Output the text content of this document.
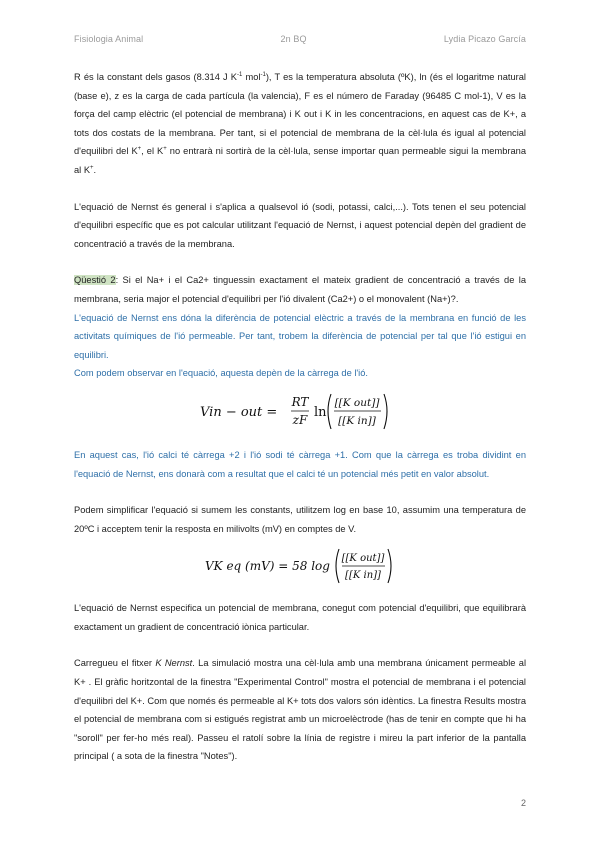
Fisiologia Animal	2n BQ	Lydia Picazo García

R és la constant dels gasos (8.314 J $K^{-1}$ mol$^{-1}$), T es la temperatura absoluta (ºK), ln (és el logaritme natural (base e), z es la carga de cada partícula (la valencia), F es el número de Faraday (96485 C mol-1), V es la força del camp elèctric (el potencial de membrana) i K out i K in les concentracions, en aquest cas de K+, a tots dos costats de la membrana. Per tant, si el potencial de membrana de la cèl·lula és igual al potencial d'equilibri del K+, el K+ no entrarà ni sortirà de la cèl·lula, sense importar quan permeable sigui la membrana al K+.

L'equació de Nernst és general i s'aplica a qualsevol ió (sodi, potassi, calci,...). Tots tenen el seu potencial d'equilibri específic que es pot calcular utilitzant l'equació de Nernst, i aquest potencial depèn del gradient de concentració a través de la membrana.

Qüestió 2: Si el Na+ i el Ca2+ tinguessin exactament el mateix gradient de concentració a través de la membrana, seria major el potencial d'equilibri per l'ió divalent (Ca2+) o el monovalent (Na+)?.

L'equació de Nernst ens dóna la diferència de potencial elèctric a través de la membrana en funció de les activitats químiques de l'ió permeable. Per tant, trobem la diferència de potencial per tal que l'ió estigui en equilibri.

Com podem observar en l'equació, aquesta depèn de la càrrega de l'ió.

Vin − out =
RT
zF ln
[[K out]]
[[K in]]

En aquest cas, l'ió calci té càrrega +2 i l'ió sodi té càrrega +1. Com que la càrrega es troba dividint en l'equació de Nernst, ens donarà com a resultat que el calci té un potencial més petit en valor absolut.

Podem simplificar l'equació si sumem les constants, utilitzem log en base 10, assumim una temperatura de 20ºC i acceptem tenir la resposta en milivolts (mV) en comptes de V.

VK eq (mV) = 58 log
[[K out]]
[[K in]]

L'equació de Nernst especifica un potencial de membrana, conegut com potencial d'equilibri, que equilibrarà exactament un gradient de concentració iònica particular.

Carregueu el fitxer K Nernst. La simulació mostra una cèl·lula amb una membrana únicament permeable al K+ . El gràfic horitzontal de la finestra "Experimental Control" mostra el potencial de membrana i el potencial d'equilibri del K+. Com que només és permeable al K+ tots dos valors són idèntics. La finestra Results mostra el potencial de membrana com si estigués registrat amb un microelèctrode (has de tenir en compte que hi ha "soroll" per fer-ho més real). Passeu el ratolí sobre la línia de registre i mireu la part inferior de la pantalla principal ( a sota de la finestra "Notes").

2
